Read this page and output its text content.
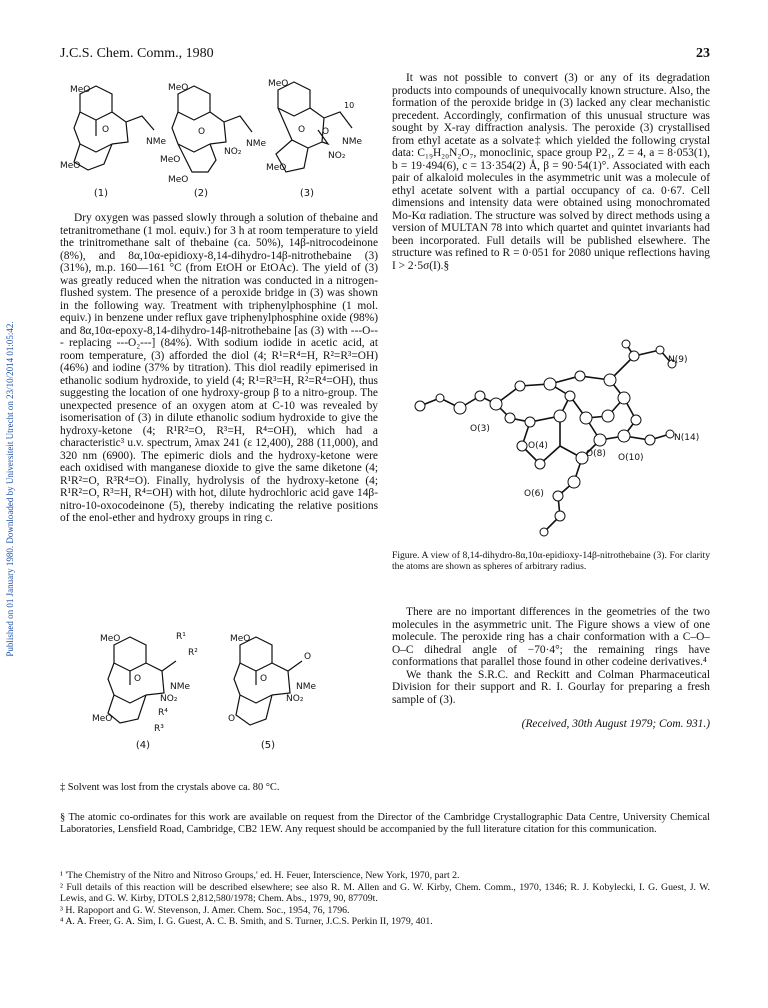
J.C.S. Chem. Comm., 1980	23
Published on 01 January 1980. Downloaded by Universiteit Utrecht on 23/10/2014 01:05:42.
MeO	MeO	MeO
NMe	NMe	NMe
NO₂	NO₂
MeO
MeO
MeO
MeO
O	O	O O
10
(1)	(2)	(3)

Dry oxygen was passed slowly through a solution of thebaine and tetranitromethane (1 mol. equiv.) for 3 h at room temperature to yield the trinitromethane salt of thebaine (ca. 50%), 14β-nitrocodeinone (8%), and 8α,10α-epidioxy-8,14-dihydro-14β-nitrothebaine (3) (31%), m.p. 160—161 °C (from EtOH or EtOAc). The yield of (3) was greatly reduced when the nitration was conducted in a nitrogen-flushed system. The presence of a peroxide bridge in (3) was shown in the following way. Treatment with triphenylphosphine (1 mol. equiv.) in benzene under reflux gave triphenylphosphine oxide (98%) and 8α,10α-epoxy-8,14-dihydro-14β-nitrothebaine [as (3) with ---O--- replacing ---O₂---] (84%). With sodium iodide in acetic acid, at room temperature, (3) afforded the diol (4; R¹=R⁴=H, R²=R³=OH) (46%) and iodine (37% by titration). This diol readily epimerised in ethanolic sodium hydroxide, to yield (4; R¹=R³=H, R²=R⁴=OH), thus suggesting the location of one hydroxy-group β to a nitro-group. The unexpected presence of an oxygen atom at C-10 was revealed by isomerisation of (3) in dilute ethanolic sodium hydroxide to give the hydroxy-ketone (4; R¹R²=O, R³=H, R⁴=OH), which had a characteristic³ u.v. spectrum, λmax 241 (ε 12,400), 288 (11,000), and 320 nm (6900). The epimeric diols and the hydroxy-ketone were each oxidised with manganese dioxide to give the same diketone (4; R¹R²=O, R³R⁴=O). Finally, hydrolysis of the hydroxy-ketone (4; R¹R²=O, R³=H, R⁴=OH) with hot, dilute hydrochloric acid gave 14β-nitro-10-oxocodeinone (5), thereby indicating the relative positions of the enol-ether and hydroxy groups in ring c.

MeO	MeO
R¹
R²	O
NMe	NMe
NO₂	NO₂
R⁴
R³
MeO	O
O	O
(4)	(5)

It was not possible to convert (3) or any of its degradation products into compounds of unequivocally known structure. Also, the formation of the peroxide bridge in (3) lacked any clear mechanistic precedent. Accordingly, confirmation of this unusual structure was sought by X-ray diffraction analysis. The peroxide (3) crystallised from ethyl acetate as a solvate‡ which yielded the following crystal data: C₁₉H₂₀N₂O₇, monoclinic, space group P2₁, Z = 4, a = 8·053(1), b = 19·494(6), c = 13·354(2) Å, β = 90·54(1)°. Associated with each pair of alkaloid molecules in the asymmetric unit was a molecule of ethyl acetate solvent with a partial occupancy of ca. 0·67. Cell dimensions and intensity data were obtained using monochromated Mo-Kα radiation. The structure was solved by direct methods using a version of MULTAN 78 into which quartet and quintet invariants had been incorporated. Full details will be published elsewhere. The structure was refined to R = 0·051 for 2080 unique reflections having I > 2·5σ(I).§

N(9)
O(3)
O(4)
N(14)
O(8) O(10)
O(6)

Figure. A view of 8,14-dihydro-8α,10α-epidioxy-14β-nitrothebaine (3). For clarity the atoms are shown as spheres of arbitrary radius.

There are no important differences in the geometries of the two molecules in the asymmetric unit. The Figure shows a view of one molecule. The peroxide ring has a chair conformation with a C–O–O–C dihedral angle of −70·4°; the remaining rings have conformations that parallel those found in other codeine derivatives.⁴

We thank the S.R.C. and Reckitt and Colman Pharmaceutical Division for their support and R. I. Gourlay for preparing a fresh sample of (3).

(Received, 30th August 1979; Com. 931.)

‡ Solvent was lost from the crystals above ca. 80 °C.
§ The atomic co-ordinates for this work are available on request from the Director of the Cambridge Crystallographic Data Centre, University Chemical Laboratories, Lensfield Road, Cambridge, CB2 1EW. Any request should be accompanied by the full literature citation for this communication.
¹ 'The Chemistry of the Nitro and Nitroso Groups,' ed. H. Feuer, Interscience, New York, 1970, part 2.
² Full details of this reaction will be described elsewhere; see also R. M. Allen and G. W. Kirby, Chem. Comm., 1970, 1346; R. J. Kobylecki, I. G. Guest, J. W. Lewis, and G. W. Kirby, DTOLS 2,812,580/1978; Chem. Abs., 1979, 90, 87709t.
³ H. Rapoport and G. W. Stevenson, J. Amer. Chem. Soc., 1954, 76, 1796.
⁴ A. A. Freer, G. A. Sim, I. G. Guest, A. C. B. Smith, and S. Turner, J.C.S. Perkin II, 1979, 401.
